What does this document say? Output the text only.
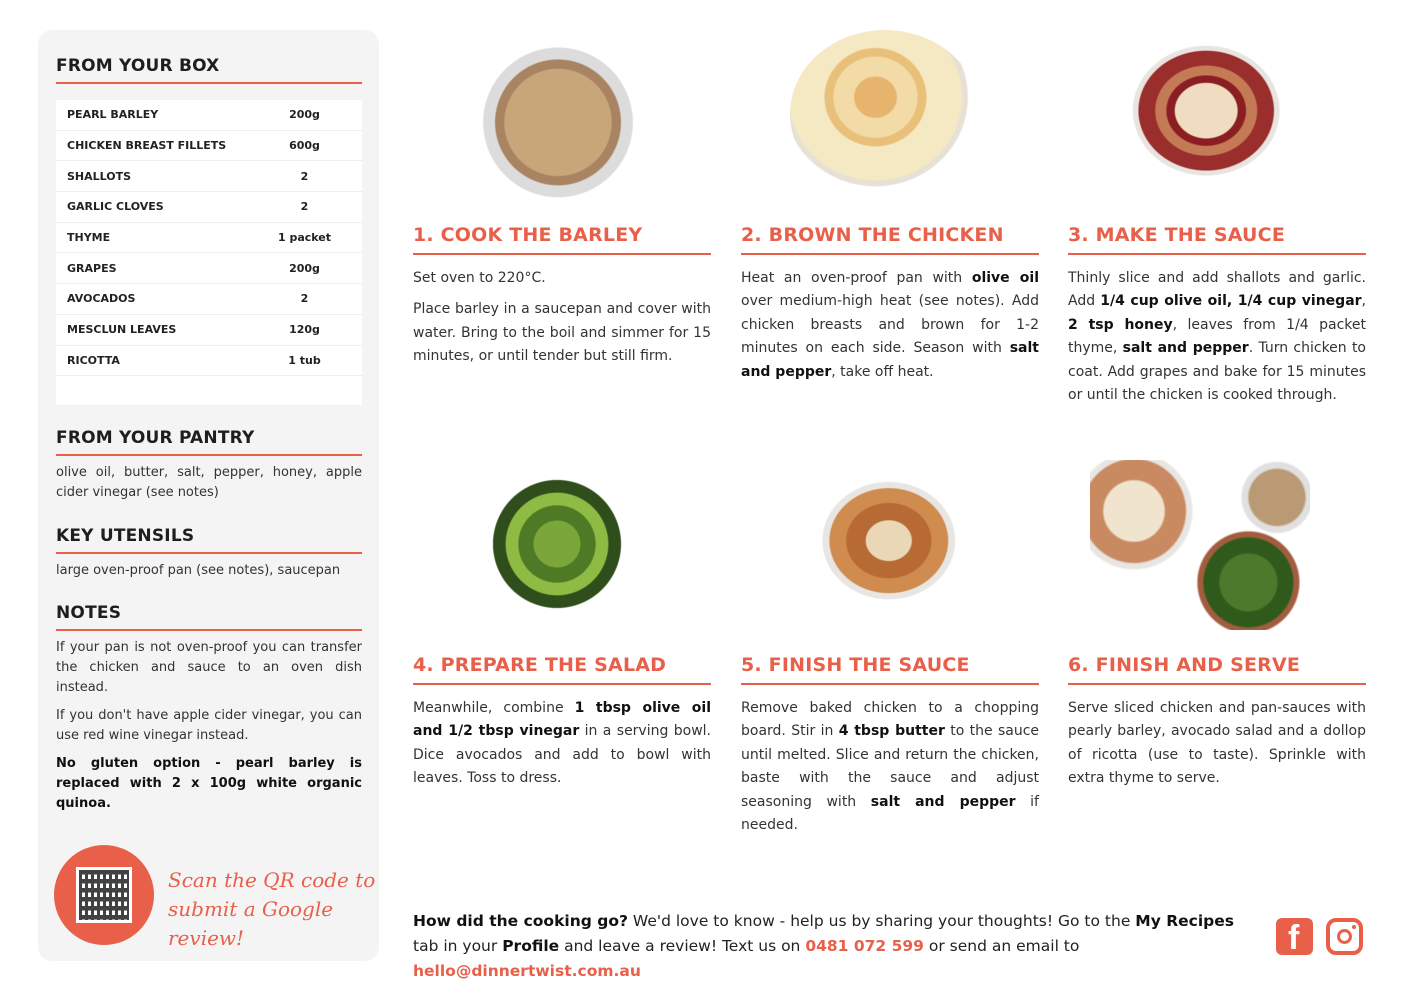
FROM YOUR BOX
PEARL BARLEY	200g
CHICKEN BREAST FILLETS	600g
SHALLOTS	2
GARLIC CLOVES	2
THYME	1 packet
GRAPES	200g
AVOCADOS	2
MESCLUN LEAVES	120g
RICOTTA	1 tub
FROM YOUR PANTRY
olive oil, butter, salt, pepper, honey, apple cider vinegar (see notes)
KEY UTENSILS
large oven-proof pan (see notes), saucepan
NOTES

If your pan is not oven-proof you can transfer the chicken and sauce to an oven dish instead.

If you don't have apple cider vinegar, you can use red wine vinegar instead.

No gluten option - pearl barley is replaced with 2 x 100g white organic quinoa.

Scan the QR code to
submit a Google review!
1. COOK THE BARLEY

Set oven to 220°C.

Place barley in a saucepan and cover with water. Bring to the boil and simmer for 15 minutes, or until tender but still firm.

2. BROWN THE CHICKEN

Heat an oven-proof pan with olive oil over medium-high heat (see notes). Add chicken breasts and brown for 1-2 minutes on each side. Season with salt and pepper, take off heat.

3. MAKE THE SAUCE

Thinly slice and add shallots and garlic. Add 1/4 cup olive oil, 1/4 cup vinegar, 2 tsp honey, leaves from 1/4 packet thyme, salt and pepper. Turn chicken to coat. Add grapes and bake for 15 minutes or until the chicken is cooked through.

4. PREPARE THE SALAD

Meanwhile, combine 1 tbsp olive oil and 1/2 tbsp vinegar in a serving bowl. Dice avocados and add to bowl with leaves. Toss to dress.

5. FINISH THE SAUCE

Remove baked chicken to a chopping board. Stir in 4 tbsp butter to the sauce until melted. Slice and return the chicken, baste with the sauce and adjust seasoning with salt and pepper if needed.

6. FINISH AND SERVE

Serve sliced chicken and pan-sauces with pearly barley, avocado salad and a dollop of ricotta (use to taste). Sprinkle with extra thyme to serve.

How did the cooking go? We'd love to know - help us by sharing your thoughts! Go to the My Recipes tab in your Profile and leave a review! Text us on 0481 072 599 or send an email to hello@dinnertwist.com.au
f
